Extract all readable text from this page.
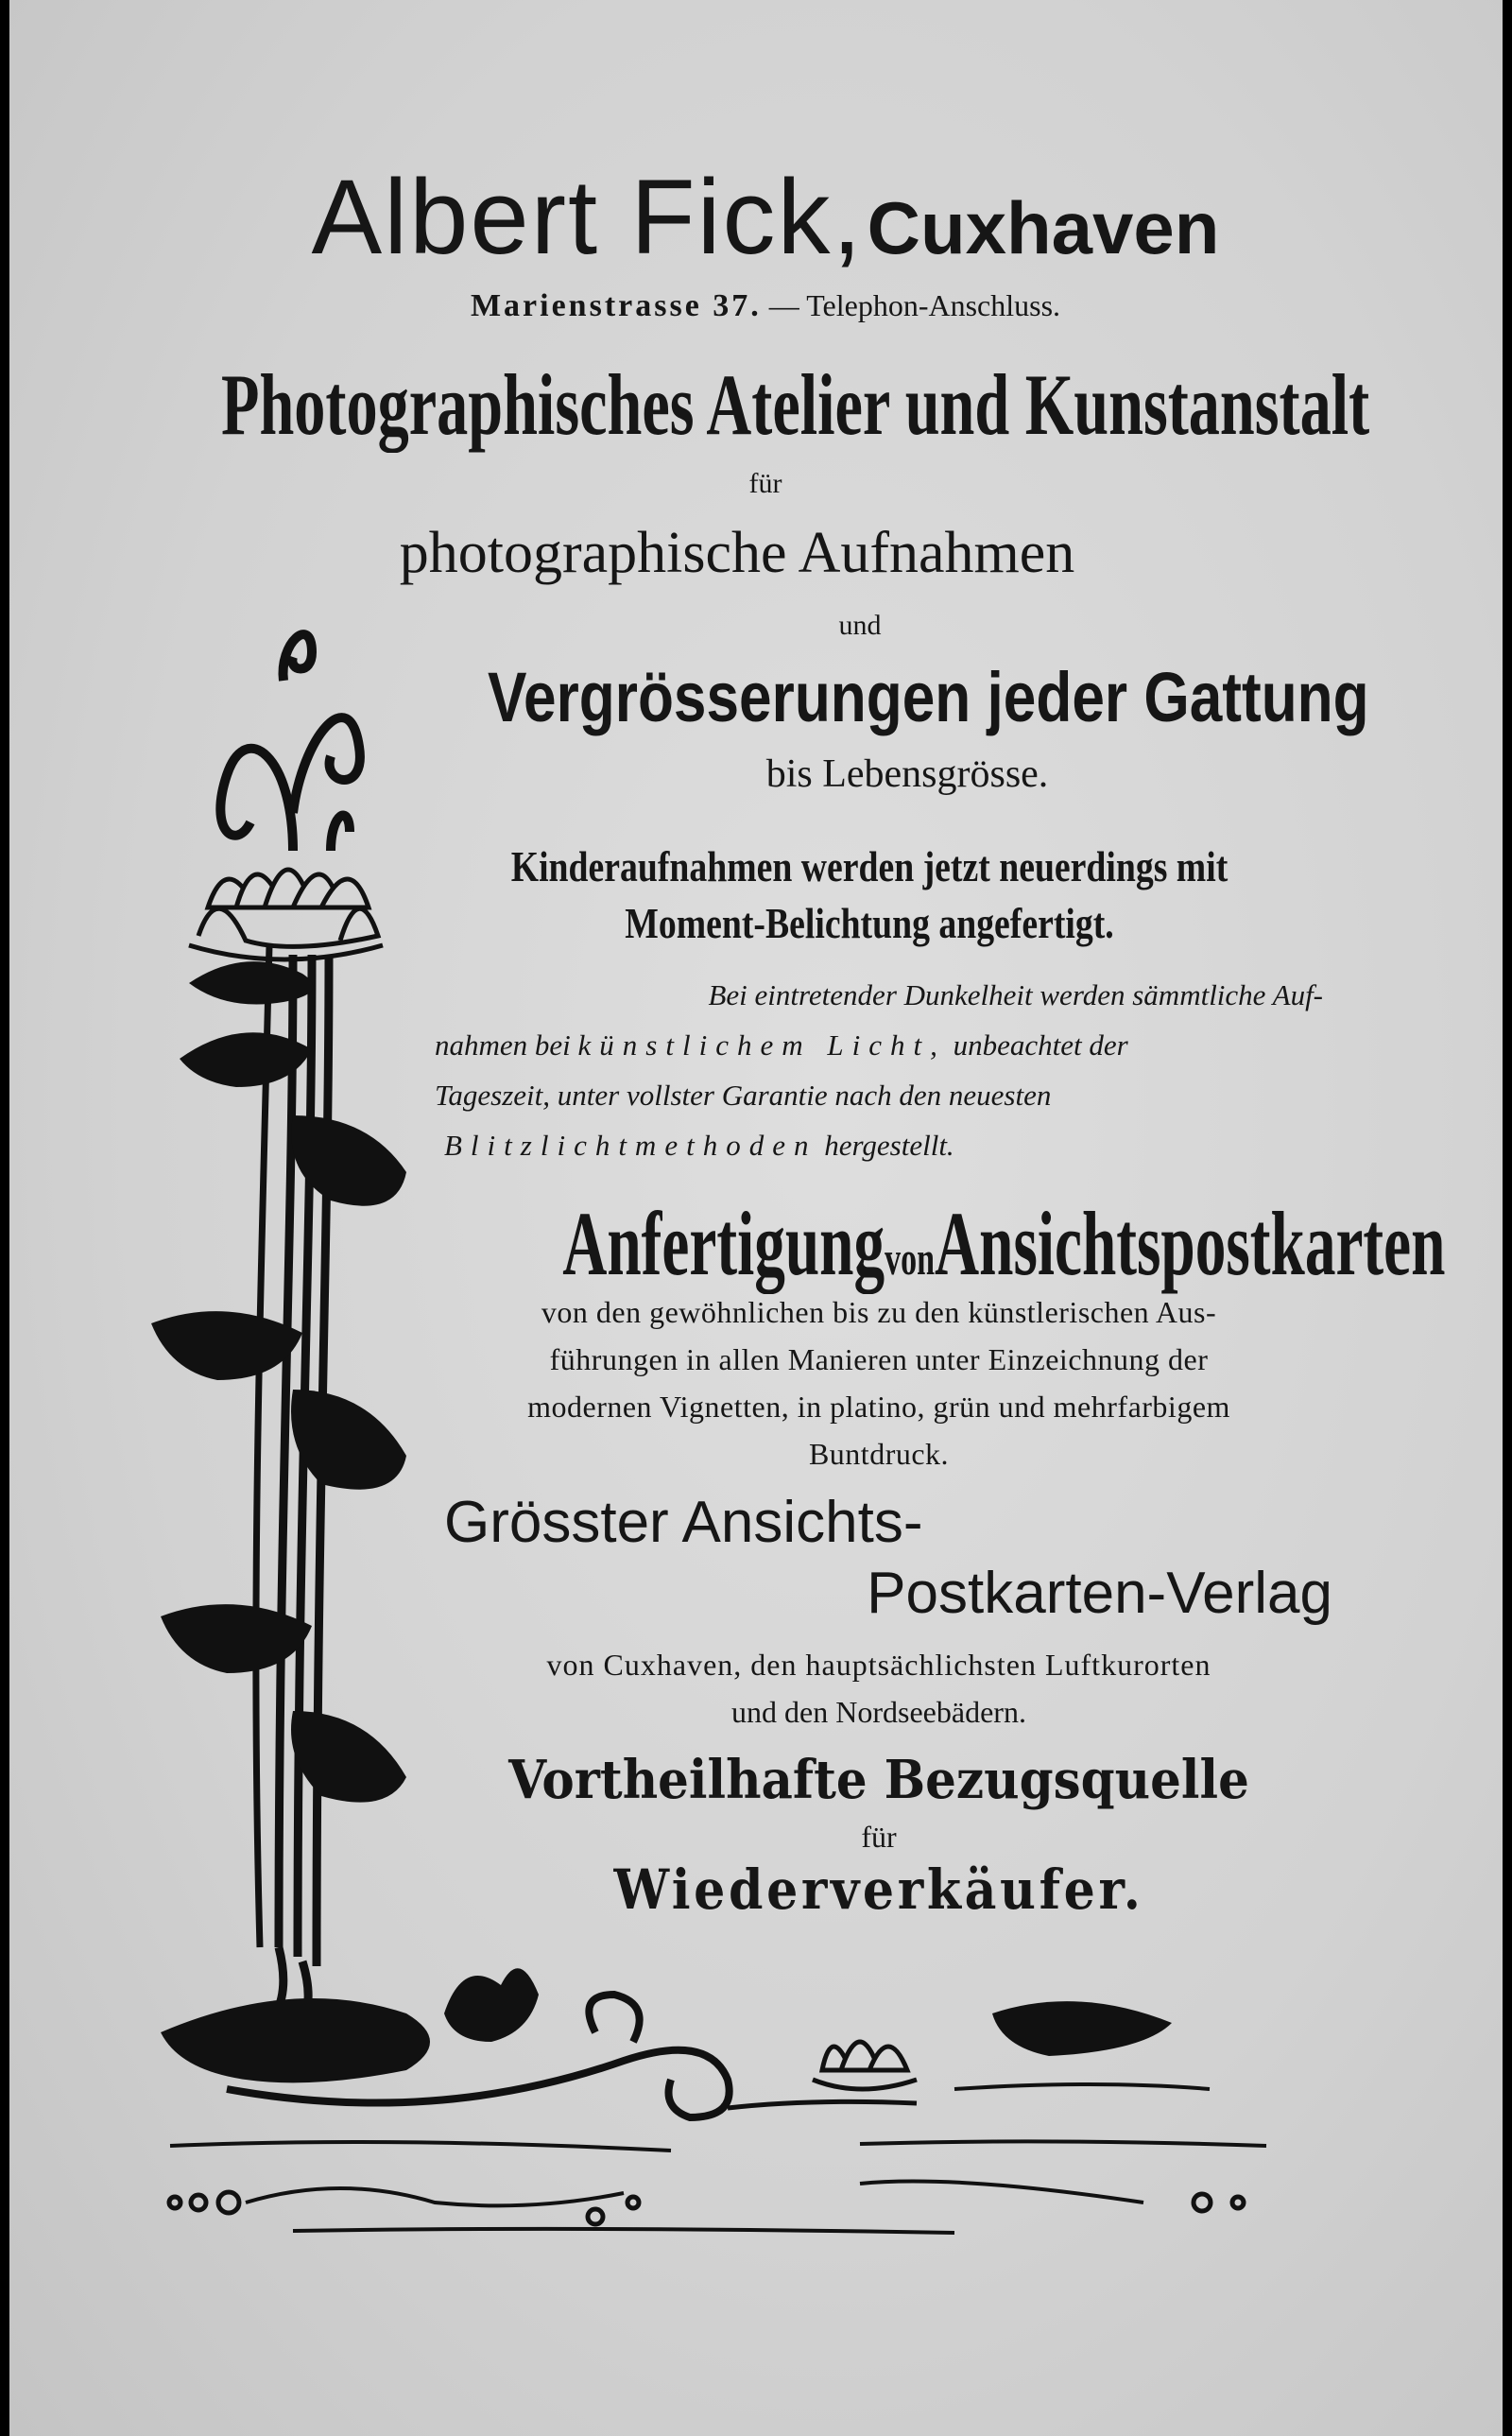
Albert Fick, Cuxhaven
Marienstrasse 37. — Telephon-Anschluss.

Photographisches Atelier und Kunstanstalt

für

photographische Aufnahmen

und

Vergrösserungen jeder Gattung

bis Lebensgrösse.

Kinderaufnahmen werden jetzt neuerdings mit

Moment-Belichtung angefertigt.

Bei eintretender Dunkelheit werden sämmtliche Auf-

nahmen bei künstlichem Licht, unbeachtet der

Tageszeit, unter vollster Garantie nach den neuesten

Blitzlichtmethoden hergestellt.

AnfertigungvonAnsichtspostkarten

von den gewöhnlichen bis zu den künstlerischen Aus-

führungen in allen Manieren unter Einzeichnung der

modernen Vignetten, in platino, grün und mehrfarbigem

Buntdruck.

Grösster Ansichts-

Postkarten-Verlag

von Cuxhaven, den hauptsächlichsten Luftkurorten

und den Nordseebädern.

Vortheilhafte Bezugsquelle

für

Wiederverkäufer.
